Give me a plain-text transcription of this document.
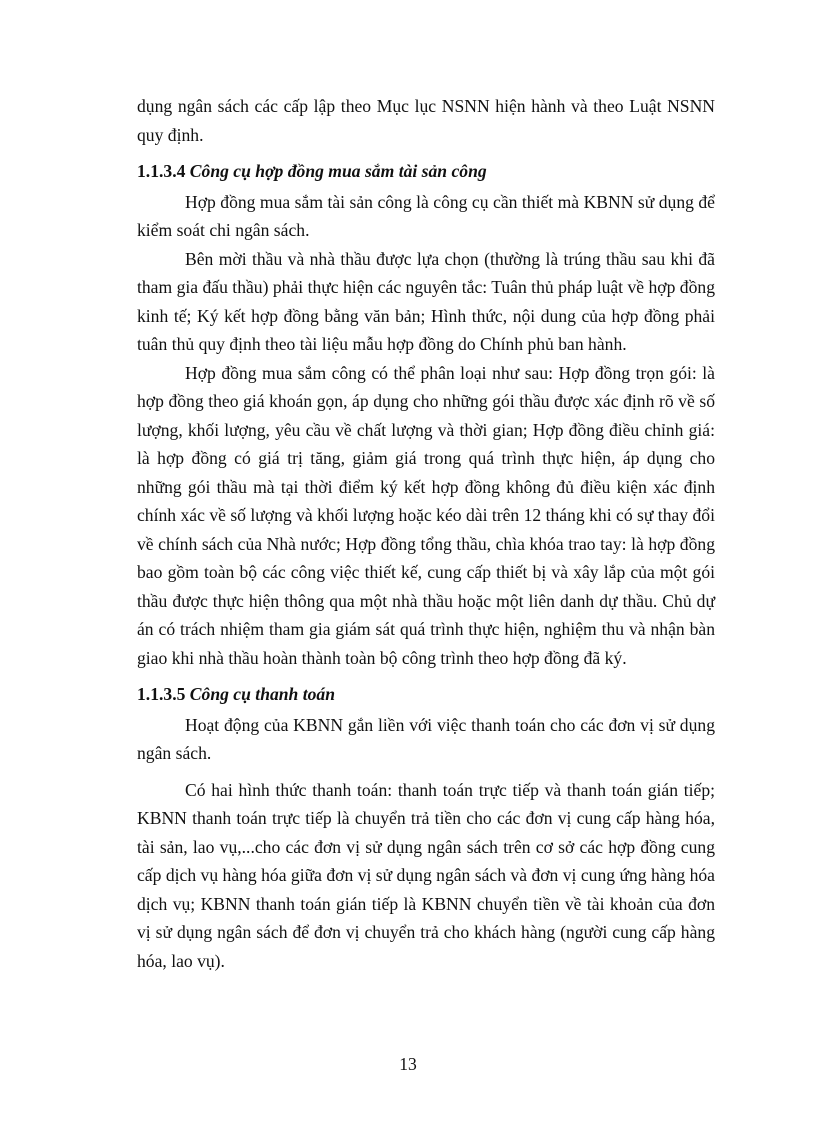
dụng ngân sách các cấp lập theo Mục lục NSNN hiện hành và theo Luật NSNN quy định.

1.1.3.4 Công cụ hợp đồng mua sắm tài sản công

Hợp đồng mua sắm tài sản công là công cụ cần thiết mà KBNN sử dụng để kiểm soát chi ngân sách.

Bên mời thầu và nhà thầu được lựa chọn (thường là trúng thầu sau khi đã tham gia đấu thầu) phải thực hiện các nguyên tắc: Tuân thủ pháp luật về hợp đồng kinh tế; Ký kết hợp đồng bằng văn bản; Hình thức, nội dung của hợp đồng phải tuân thủ quy định theo tài liệu mẫu hợp đồng do Chính phủ ban hành.

Hợp đồng mua sắm công có thể phân loại như sau: Hợp đồng trọn gói: là hợp đồng theo giá khoán gọn, áp dụng cho những gói thầu được xác định rõ về số lượng, khối lượng, yêu cầu về chất lượng và thời gian; Hợp đồng điều chỉnh giá: là hợp đồng có giá trị tăng, giảm giá trong quá trình thực hiện, áp dụng cho những gói thầu mà tại thời điểm ký kết hợp đồng không đủ điều kiện xác định chính xác về số lượng và khối lượng hoặc kéo dài trên 12 tháng khi có sự thay đổi về chính sách của Nhà nước; Hợp đồng tổng thầu, chìa khóa trao tay: là hợp đồng bao gồm toàn bộ các công việc thiết kế, cung cấp thiết bị và xây lắp của một gói thầu được thực hiện thông qua một nhà thầu hoặc một liên danh dự thầu. Chủ dự án có trách nhiệm tham gia giám sát quá trình thực hiện, nghiệm thu và nhận bàn giao khi nhà thầu hoàn thành toàn bộ công trình theo hợp đồng đã ký.

1.1.3.5 Công cụ thanh toán

Hoạt động của KBNN gắn liền với việc thanh toán cho các đơn vị sử dụng ngân sách.

Có hai hình thức thanh toán: thanh toán trực tiếp và thanh toán gián tiếp; KBNN thanh toán trực tiếp là chuyển trả tiền cho các đơn vị cung cấp hàng hóa, tài sản, lao vụ,...cho các đơn vị sử dụng ngân sách trên cơ sở các hợp đồng cung cấp dịch vụ hàng hóa giữa đơn vị sử dụng ngân sách và đơn vị cung ứng hàng hóa dịch vụ; KBNN thanh toán gián tiếp là KBNN chuyển tiền về tài khoản của đơn vị sử dụng ngân sách để đơn vị chuyển trả cho khách hàng (người cung cấp hàng hóa, lao vụ).

13
